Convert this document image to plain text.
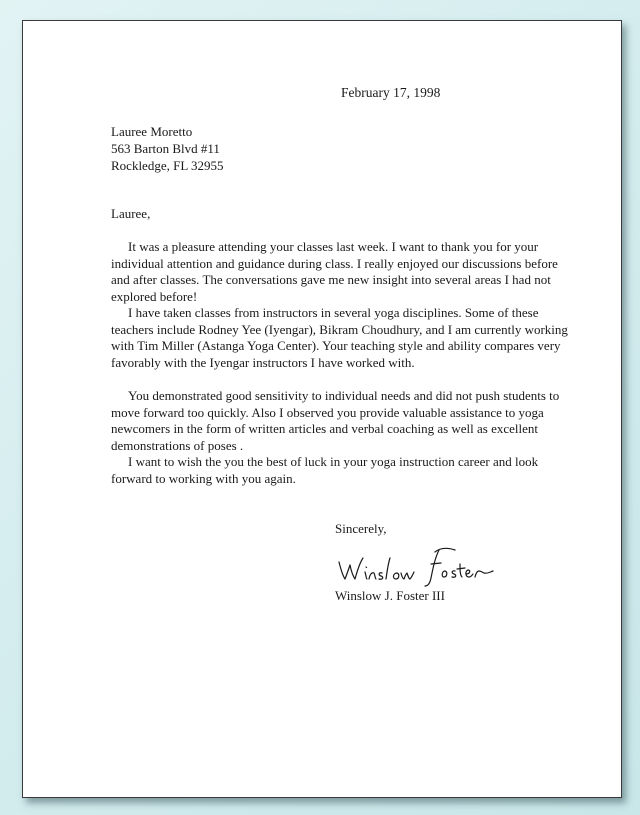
February 17, 1998
Lauree Moretto
563 Barton Blvd #11
Rockledge, FL 32955
Lauree,

It was a pleasure attending your classes last week. I want to thank you for your individual attention and guidance during class. I really enjoyed our discussions before and after classes. The conversations gave me new insight into several areas I had not explored before!

I have taken classes from instructors in several yoga disciplines. Some of these teachers include Rodney Yee (Iyengar), Bikram Choudhury, and I am currently working with Tim Miller (Astanga Yoga Center). Your teaching style and ability compares very favorably with the Iyengar instructors I have worked with.

You demonstrated good sensitivity to individual needs and did not push students to move forward too quickly. Also I observed you provide valuable assistance to yoga newcomers in the form of written articles and verbal coaching as well as excellent demonstrations of poses .

I want to wish the you the best of luck in your yoga instruction career and look forward to working with you again.

Sincerely,
Winslow Foster
Winslow J. Foster III
